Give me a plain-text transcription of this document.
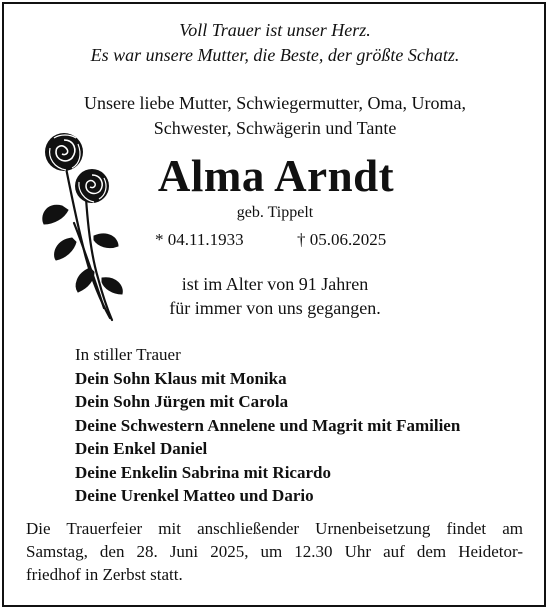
Voll Trauer ist unser Herz.
Es war unsere Mutter, die Beste, der größte Schatz.
Unsere liebe Mutter, Schwiegermutter, Oma, Uroma,
Schwester, Schwägerin und Tante
Alma Arndt
geb. Tippelt
* 04.11.1933	† 05.06.2025
ist im Alter von 91 Jahren
für immer von uns gegangen.
In stiller Trauer
Dein Sohn Klaus mit Monika
Dein Sohn Jürgen mit Carola
Deine Schwestern Annelene und Magrit mit Familien
Dein Enkel Daniel
Deine Enkelin Sabrina mit Ricardo
Deine Urenkel Matteo und Dario
Die Trauerfeier mit anschließender Urnenbeisetzung findet am
Samstag, den 28. Juni 2025, um 12.30 Uhr auf dem Heidetor-
friedhof in Zerbst statt.
